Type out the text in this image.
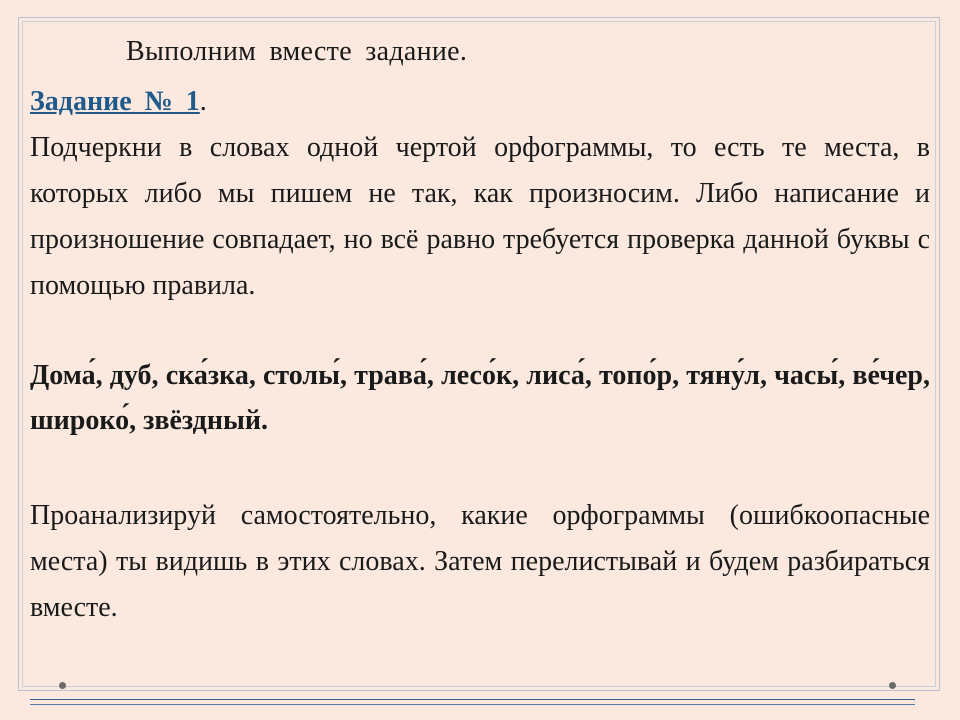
Выполним вместе задание.
Задание № 1.
Подчеркни в словах одной чертой орфограммы, то есть те места, в которых либо мы пишем не так, как произносим. Либо написание и произношение совпадает, но всё равно требуется проверка данной буквы с помощью правила.
Дома́, дуб, ска́зка, столы́, трава́, лесо́к, лиса́, топо́р, тяну́л, часы́, ве́чер, широко́, звёздный.
Проанализируй самостоятельно, какие орфограммы (ошибкоопасные места) ты видишь в этих словах. Затем перелистывай и будем разбираться вместе.
